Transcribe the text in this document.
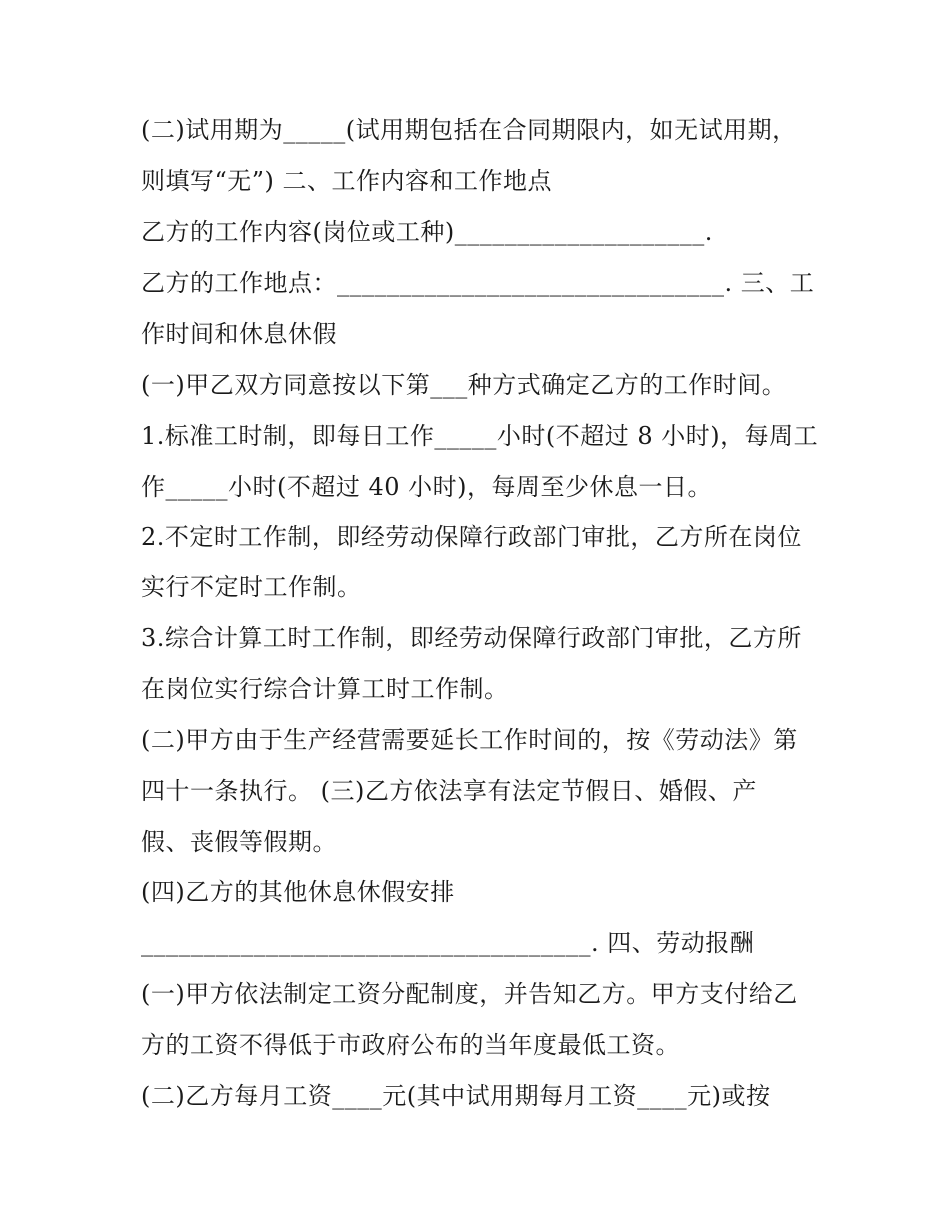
(二)试用期为_____(试用期包括在合同期限内，如无试用期，
则填写“无”) 二、工作内容和工作地点
乙方的工作内容(岗位或工种)____________________.
乙方的工作地点：_______________________________. 三、工
作时间和休息休假
(一)甲乙双方同意按以下第___种方式确定乙方的工作时间。
1.标准工时制，即每日工作_____小时(不超过 8 小时)，每周工
作_____小时(不超过 40 小时)，每周至少休息一日。
2.不定时工作制，即经劳动保障行政部门审批，乙方所在岗位
实行不定时工作制。
3.综合计算工时工作制，即经劳动保障行政部门审批，乙方所
在岗位实行综合计算工时工作制。
(二)甲方由于生产经营需要延长工作时间的，按《劳动法》第
四十一条执行。 (三)乙方依法享有法定节假日、婚假、产
假、丧假等假期。
(四)乙方的其他休息休假安排
____________________________________. 四、劳动报酬
(一)甲方依法制定工资分配制度，并告知乙方。甲方支付给乙
方的工资不得低于市政府公布的当年度最低工资。
(二)乙方每月工资____元(其中试用期每月工资____元)或按
